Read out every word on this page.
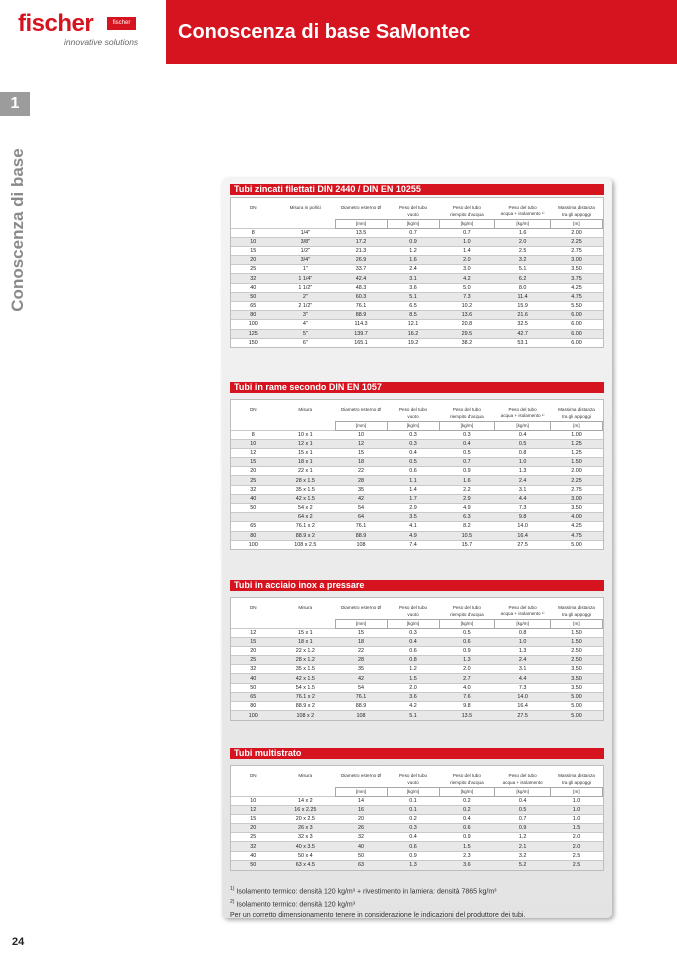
fischer	fischer
innovative solutions Conoscenza di base SaMontec
1
Conoscenza di base	Tubi zincati filettati DIN 2440 / DIN EN 10255
DN	Misura in pollici	Diametro esterno Ø	Peso del tubo	Peso del tubo	Peso del tubo	Massima distanza
			vuoto	riempito d'acqua	acqua + isolamento ¹⁾	tra gli appoggi
		[mm]	[kg/m]	[kg/m]	[kg/m]	[m]
8	1/4"	13.5	0.7	0.7	1.6	2.00
10	3/8"	17.2	0.9	1.0	2.0	2.25
15	1/2"	21.3	1.2	1.4	2.5	2.75
20	3/4"	26.9	1.6	2.0	3.2	3.00
25	1"	33.7	2.4	3.0	5.1	3.50
32	1 1/4"	42.4	3.1	4.2	6.2	3.75
40	1 1/2"	48.3	3.6	5.0	8.0	4.25
50	2"	60.3	5.1	7.3	11.4	4.75
65	2 1/2"	76.1	6.5	10.2	15.9	5.50
80	3"	88.9	8.5	13.6	21.6	6.00
100	4"	114.3	12.1	20.8	32.5	6.00
125	5"	139.7	16.2	29.5	42.7	6.00
150	6"	165.1	19.2	38.2	53.1	6.00
Tubi in rame secondo DIN EN 1057
DN	Misura	Diametro esterno Ø	Peso del tubo	Peso del tubo	Peso del tubo	Massima distanza
			vuoto	riempito d'acqua	acqua + isolamento ¹⁾	tra gli appoggi
		[mm]	[kg/m]	[kg/m]	[kg/m]	[m]
8	10 x 1	10	0.3	0.3	0.4	1.00
10	12 x 1	12	0.3	0.4	0.5	1.25
12	15 x 1	15	0.4	0.5	0.8	1.25
15	18 x 1	18	0.5	0.7	1.0	1.50
20	22 x 1	22	0.6	0.9	1.3	2.00
25	28 x 1.5	28	1.1	1.6	2.4	2.25
32	35 x 1.5	35	1.4	2.2	3.1	2.75
40	42 x 1.5	42	1.7	2.9	4.4	3.00
50	54 x 2	54	2.9	4.9	7.3	3.50
	64 x 2	64	3.5	6.3	9.8	4.00
65	76.1 x 2	76.1	4.1	8.2	14.0	4.25
80	88.9 x 2	88.9	4.9	10.5	16.4	4.75
100	108 x 2.5	108	7.4	15.7	27.5	5.00
Tubi in acciaio inox a pressare
DN	Misura	Diametro esterno Ø	Peso del tubo	Peso del tubo	Peso del tubo	Massima distanza
			vuoto	riempito d'acqua	acqua + isolamento ¹⁾	tra gli appoggi
		[mm]	[kg/m]	[kg/m]	[kg/m]	[m]
12	15 x 1	15	0.3	0.5	0.8	1.50
15	18 x 1	18	0.4	0.6	1.0	1.50
20	22 x 1.2	22	0.6	0.9	1.3	2.50
25	28 x 1.2	28	0.8	1.3	2.4	2.50
32	35 x 1.5	35	1.2	2.0	3.1	3.50
40	42 x 1.5	42	1.5	2.7	4.4	3.50
50	54 x 1.5	54	2.0	4.0	7.3	3.50
65	76.1 x 2	76.1	3.6	7.6	14.0	5.00
80	88.9 x 2	88.9	4.2	9.8	16.4	5.00
100	108 x 2	108	5.1	13.5	27.5	5.00
Tubi multistrato
DN	Misura	Diametro esterno Ø	Peso del tubo	Peso del tubo	Peso del tubo	Massima distanza
			vuoto	riempito d'acqua	acqua + isolamento	tra gli appoggi
		[mm]	[kg/m]	[kg/m]	[kg/m]	[m]
10	14 x 2	14	0.1	0.2	0.4	1.0
12	16 x 2.25	16	0.1	0.2	0.5	1.0
15	20 x 2.5	20	0.2	0.4	0.7	1.0
20	26 x 3	26	0.3	0.6	0.9	1.5
25	32 x 3	32	0.4	0.9	1.2	2.0
32	40 x 3.5	40	0.6	1.5	2.1	2.0
40	50 x 4	50	0.9	2.3	3.2	2.5
50	63 x 4.5	63	1.3	3.6	5.2	2.5
$^{1)}$ Isolamento termico: densità 120 kg/m³ + rivestimento in lamiera: densità 7865 kg/m³
$^{2)}$ Isolamento termico: densità 120 kg/m³
Per un corretto dimensionamento tenere in considerazione le indicazioni del produttore dei tubi.
24
